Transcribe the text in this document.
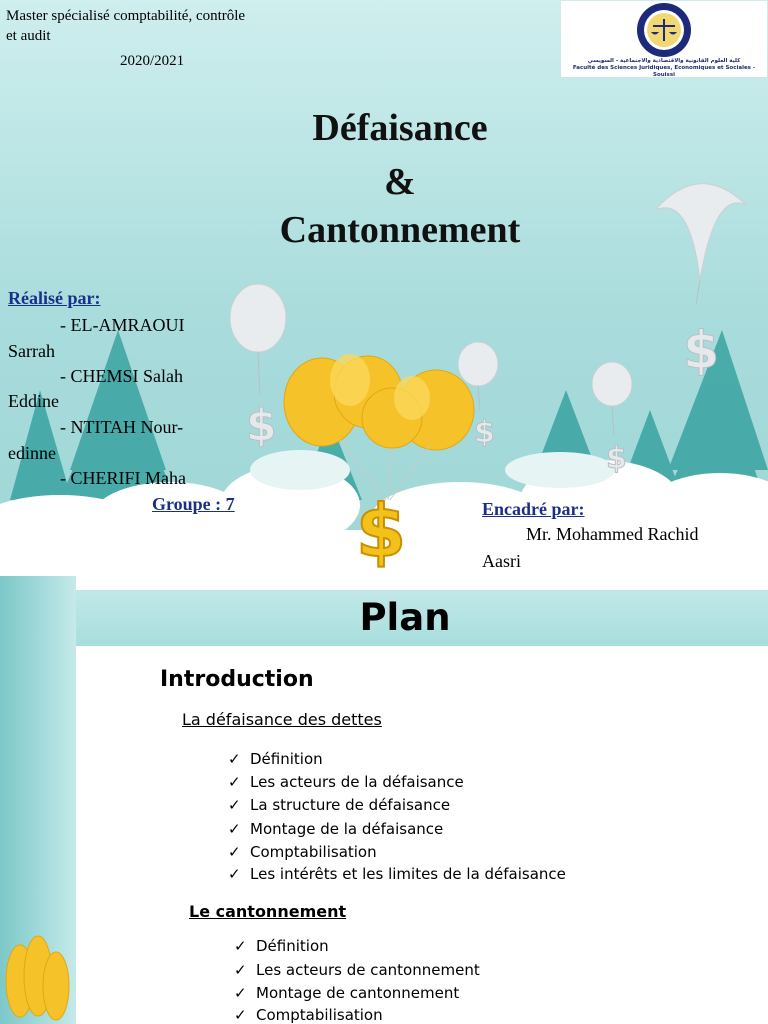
$	$
$
$
$
Master spécialisé comptabilité, contrôle
et audit
2020/2021	كلية العلوم القانونية والاقتصادية والاجتماعية - السويسي
Faculté des Sciences Juridiques, Economiques et Sociales - Souissi
Défaisance
&
Cantonnement
Réalisé par:
- EL-AMRAOUI
Sarrah
- CHEMSI Salah
Eddine
- NTITAH Nour-
edinne
- CHERIFI Maha
Groupe : 7	Encadré par:
Mr. Mohammed Rachid
Aasri
Plan
Introduction
La défaisance des dettes
✓ Définition
✓ Les acteurs de la défaisance
✓ La structure de défaisance
✓ Montage de la défaisance
✓ Comptabilisation
✓ Les intérêts et les limites de la défaisance
Le cantonnement
✓ Définition
✓ Les acteurs de cantonnement
✓ Montage de cantonnement
✓ Comptabilisation
